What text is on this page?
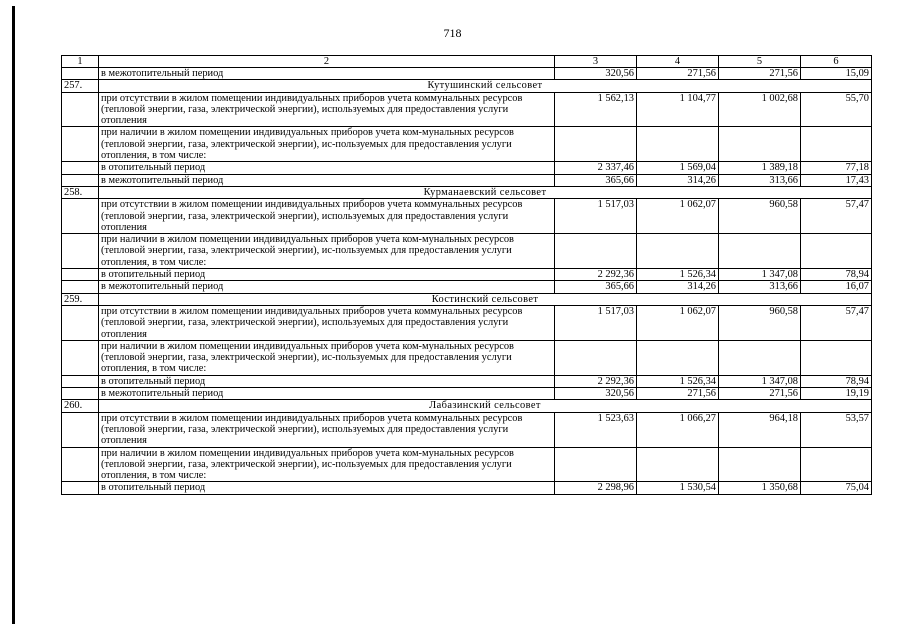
718
1	2	3	4	5	6
	в межотопительный период	320,56	271,56	271,56	15,09
257.	Кутушинский сельсовет				
	при отсутствии в жилом помещении индивидуальных приборов учета коммунальных ресурсов (тепловой энергии, газа, электрической энергии), используемых для предоставления услуги отопления	1 562,13	1 104,77	1 002,68	55,70
	при наличии в жилом помещении индивидуальных приборов учета ком-мунальных ресурсов (тепловой энергии, газа, электрической энергии), ис-пользуемых для предоставления услуги отопления, в том числе:				
	в отопительный период	2 337,46	1 569,04	1 389,18	77,18
	в межотопительный период	365,66	314,26	313,66	17,43
258.	Курманаевский сельсовет				
	при отсутствии в жилом помещении индивидуальных приборов учета коммунальных ресурсов (тепловой энергии, газа, электрической энергии), используемых для предоставления услуги отопления	1 517,03	1 062,07	960,58	57,47
	при наличии в жилом помещении индивидуальных приборов учета ком-мунальных ресурсов (тепловой энергии, газа, электрической энергии), ис-пользуемых для предоставления услуги отопления, в том числе:				
	в отопительный период	2 292,36	1 526,34	1 347,08	78,94
	в межотопительный период	365,66	314,26	313,66	16,07
259.	Костинский сельсовет				
	при отсутствии в жилом помещении индивидуальных приборов учета коммунальных ресурсов (тепловой энергии, газа, электрической энергии), используемых для предоставления услуги отопления	1 517,03	1 062,07	960,58	57,47
	при наличии в жилом помещении индивидуальных приборов учета ком-мунальных ресурсов (тепловой энергии, газа, электрической энергии), ис-пользуемых для предоставления услуги отопления, в том числе:				
	в отопительный период	2 292,36	1 526,34	1 347,08	78,94
	в межотопительный период	320,56	271,56	271,56	19,19
260.	Лабазинский сельсовет				
	при отсутствии в жилом помещении индивидуальных приборов учета коммунальных ресурсов (тепловой энергии, газа, электрической энергии), используемых для предоставления услуги отопления	1 523,63	1 066,27	964,18	53,57
	при наличии в жилом помещении индивидуальных приборов учета ком-мунальных ресурсов (тепловой энергии, газа, электрической энергии), ис-пользуемых для предоставления услуги отопления, в том числе:				
	в отопительный период	2 298,96	1 530,54	1 350,68	75,04
